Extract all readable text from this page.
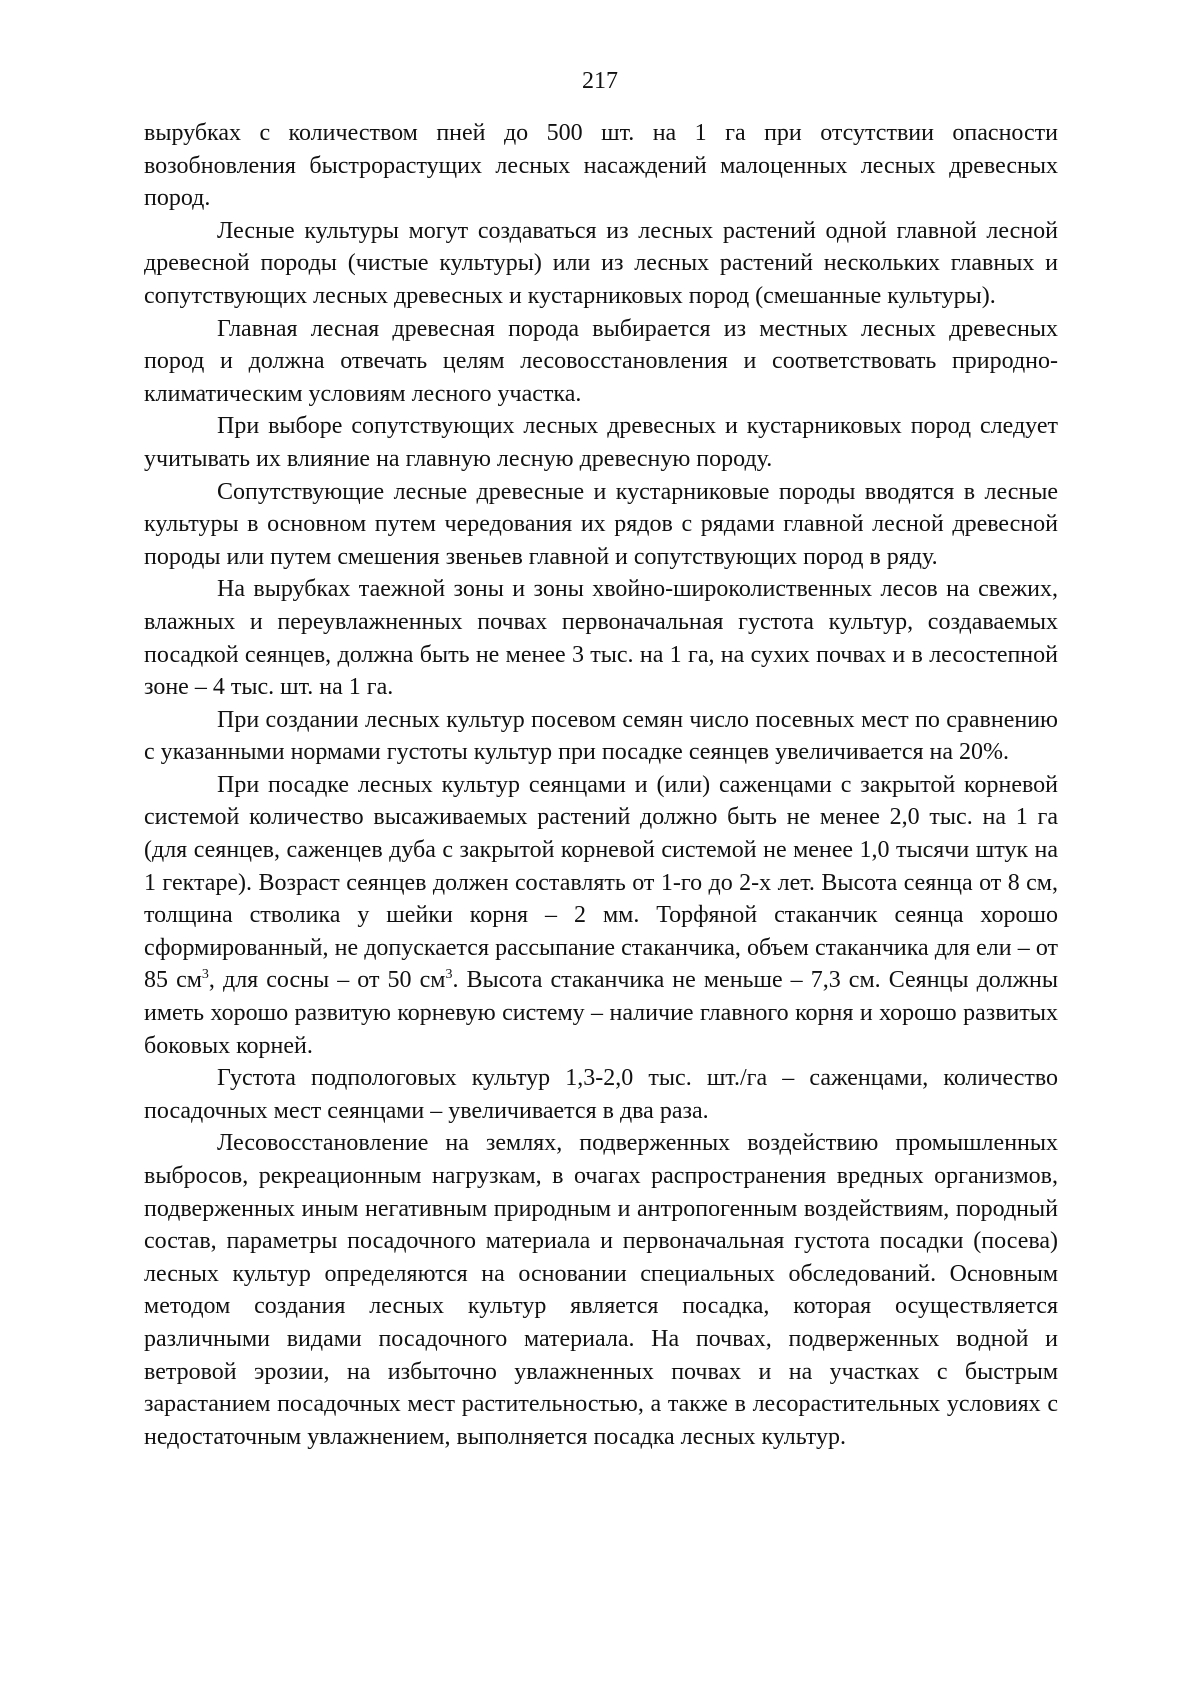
217

вырубках с количеством пней до 500 шт. на 1 га при отсутствии опасности возобновления быстрорастущих лесных насаждений малоценных лесных древесных пород.

Лесные культуры могут создаваться из лесных растений одной главной лесной древесной породы (чистые культуры) или из лесных растений нескольких главных и сопутствующих лесных древесных и кустарниковых пород (смешанные культуры).

Главная лесная древесная порода выбирается из местных лесных древесных пород и должна отвечать целям лесовосстановления и соответствовать природно-климатическим условиям лесного участка.

При выборе сопутствующих лесных древесных и кустарниковых пород следует учитывать их влияние на главную лесную древесную породу.

Сопутствующие лесные древесные и кустарниковые породы вводятся в лесные культуры в основном путем чередования их рядов с рядами главной лесной древесной породы или путем смешения звеньев главной и сопутствующих пород в ряду.

На вырубках таежной зоны и зоны хвойно-широколиственных лесов на свежих, влажных и переувлажненных почвах первоначальная густота культур, создаваемых посадкой сеянцев, должна быть не менее 3 тыс. на 1 га, на сухих почвах и в лесостепной зоне – 4 тыс. шт. на 1 га.

При создании лесных культур посевом семян число посевных мест по сравнению с указанными нормами густоты культур при посадке сеянцев увеличивается на 20%.

При посадке лесных культур сеянцами и (или) саженцами с закрытой корневой системой количество высаживаемых растений должно быть не менее 2,0 тыс. на 1 га (для сеянцев, саженцев дуба с закрытой корневой системой не менее 1,0 тысячи штук на 1 гектаре). Возраст сеянцев должен составлять от 1-го до 2-х лет. Высота сеянца от 8 см, толщина стволика у шейки корня – 2 мм. Торфяной стаканчик сеянца хорошо сформированный, не допускается рассыпание стаканчика, объем стаканчика для ели – от 85 $см^3$, для сосны – от 50 $см^3$. Высота стаканчика не меньше – 7,3 см. Сеянцы должны иметь хорошо развитую корневую систему – наличие главного корня и хорошо развитых боковых корней.

Густота подпологовых культур 1,3-2,0 тыс. шт./га – саженцами, количество посадочных мест сеянцами – увеличивается в два раза.

Лесовосстановление на землях, подверженных воздействию промышленных выбросов, рекреационным нагрузкам, в очагах распространения вредных организмов, подверженных иным негативным природным и антропогенным воздействиям, породный состав, параметры посадочного материала и первоначальная густота посадки (посева) лесных культур определяются на основании специальных обследований. Основным методом создания лесных культур является посадка, которая осуществляется различными видами посадочного материала. На почвах, подверженных водной и ветровой эрозии, на избыточно увлажненных почвах и на участках с быстрым зарастанием посадочных мест растительностью, а также в лесорастительных условиях с недостаточным увлажнением, выполняется посадка лесных культур.
